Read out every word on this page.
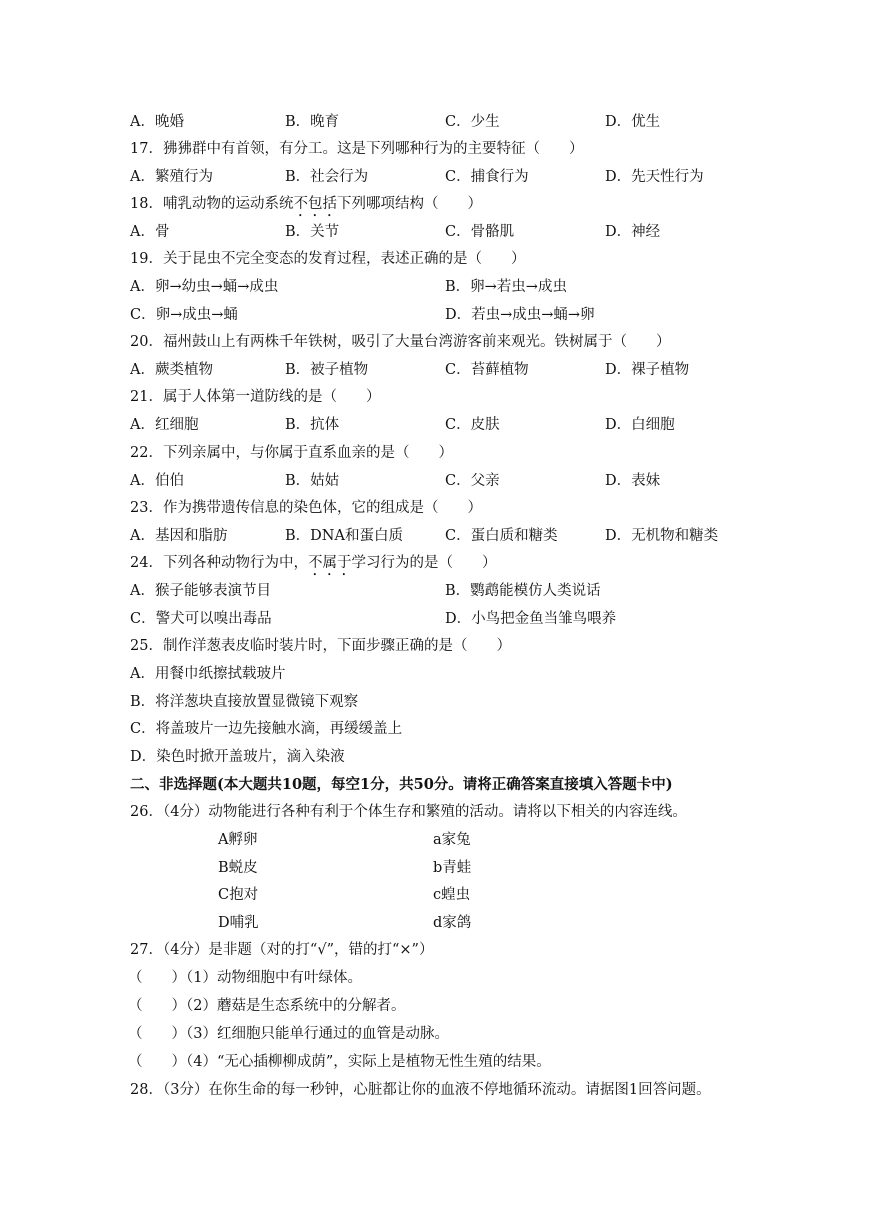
A．晚婚	B．晚育	C．少生	D．优生
17．狒狒群中有首领，有分工。这是下列哪种行为的主要特征（　　）
A．繁殖行为	B．社会行为	C．捕食行为	D．先天性行为
18．哺乳动物的运动系统不包括下列哪项结构（　　）
A．骨	B．关节	C．骨骼肌	D．神经
19．关于昆虫不完全变态的发育过程，表述正确的是（　　）
A．卵→幼虫→蛹→成虫	B．卵→若虫→成虫
C．卵→成虫→蛹	D．若虫→成虫→蛹→卵
20．福州鼓山上有两株千年铁树，吸引了大量台湾游客前来观光。铁树属于（　　）
A．蕨类植物	B．被子植物	C．苔藓植物	D．裸子植物
21．属于人体第一道防线的是（　　）
A．红细胞	B．抗体	C．皮肤	D．白细胞
22．下列亲属中，与你属于直系血亲的是（　　）
A．伯伯	B．姑姑	C．父亲	D．表妹
23．作为携带遗传信息的染色体，它的组成是（　　）
A．基因和脂肪	B．DNA和蛋白质	C．蛋白质和糖类	D．无机物和糖类
24．下列各种动物行为中，不属于学习行为的是（　　）
A．猴子能够表演节目	B．鹦鹉能模仿人类说话
C．警犬可以嗅出毒品	D．小鸟把金鱼当雏鸟喂养
25．制作洋葱表皮临时装片时，下面步骤正确的是（　　）
A．用餐巾纸擦拭载玻片
B．将洋葱块直接放置显微镜下观察
C．将盖玻片一边先接触水滴，再缓缓盖上
D．染色时掀开盖玻片，滴入染液
二、非选择题(本大题共10题，每空1分，共50分。请将正确答案直接填入答题卡中)
26．（4分）动物能进行各种有利于个体生存和繁殖的活动。请将以下相关的内容连线。
A孵卵	a家兔
B蜕皮	b青蛙
C抱对	c蝗虫
D哺乳	d家鸽
27．（4分）是非题（对的打“√”，错的打“×”）
（　　）（1）动物细胞中有叶绿体。
（　　）（2）蘑菇是生态系统中的分解者。
（　　）（3）红细胞只能单行通过的血管是动脉。
（　　）（4）“无心插柳柳成荫”，实际上是植物无性生殖的结果。
28．（3分）在你生命的每一秒钟，心脏都让你的血液不停地循环流动。请据图1回答问题。
